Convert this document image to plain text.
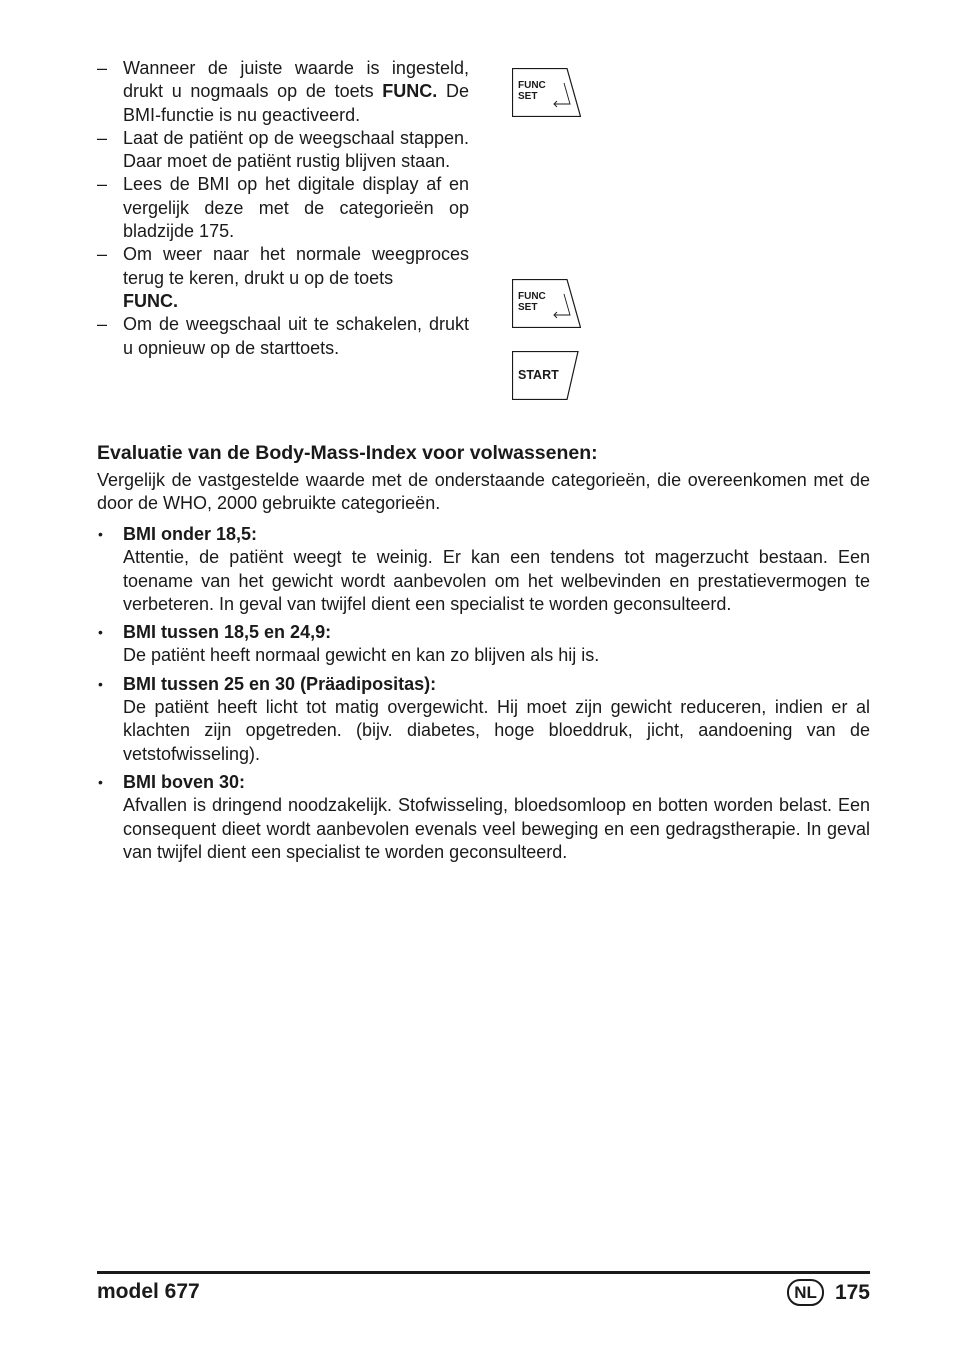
– Wanneer de juiste waarde is ingesteld, drukt u nogmaals op de toets FUNC. De BMI-functie is nu geactiveerd.
– Laat de patiënt op de weegschaal stappen. Daar moet de patiënt rustig blijven staan.
– Lees de BMI op het digitale display af en vergelijk deze met de categorieën op bladzijde 175.
– Om weer naar het normale weegproces terug te keren, drukt u op de toets
FUNC.
– Om de weegschaal uit te schakelen, drukt u opnieuw op de starttoets.
FUNC
SET
FUNC
SET
START
Evaluatie van de Body-Mass-Index voor volwassenen:

Vergelijk de vastgestelde waarde met de onderstaande categorieën, die overeenkomen met de door de WHO, 2000 gebruikte categorieën.

• BMI onder 18,5:
Attentie, de patiënt weegt te weinig. Er kan een tendens tot magerzucht bestaan. Een toename van het gewicht wordt aanbevolen om het welbevinden en prestatievermogen te verbeteren. In geval van twijfel dient een specialist te worden geconsulteerd.
• BMI tussen 18,5 en 24,9:
De patiënt heeft normaal gewicht en kan zo blijven als hij is.
• BMI tussen 25 en 30 (Präadipositas):
De patiënt heeft licht tot matig overgewicht. Hij moet zijn gewicht reduceren, indien er al klachten zijn opgetreden. (bijv. diabetes, hoge bloeddruk, jicht, aandoening van de vetstofwisseling).
• BMI boven 30:
Afvallen is dringend noodzakelijk. Stofwisseling, bloedsomloop en botten worden belast. Een consequent dieet wordt aanbevolen evenals veel beweging en een gedragstherapie. In geval van twijfel dient een specialist te worden geconsulteerd.
model 677	NL 175
